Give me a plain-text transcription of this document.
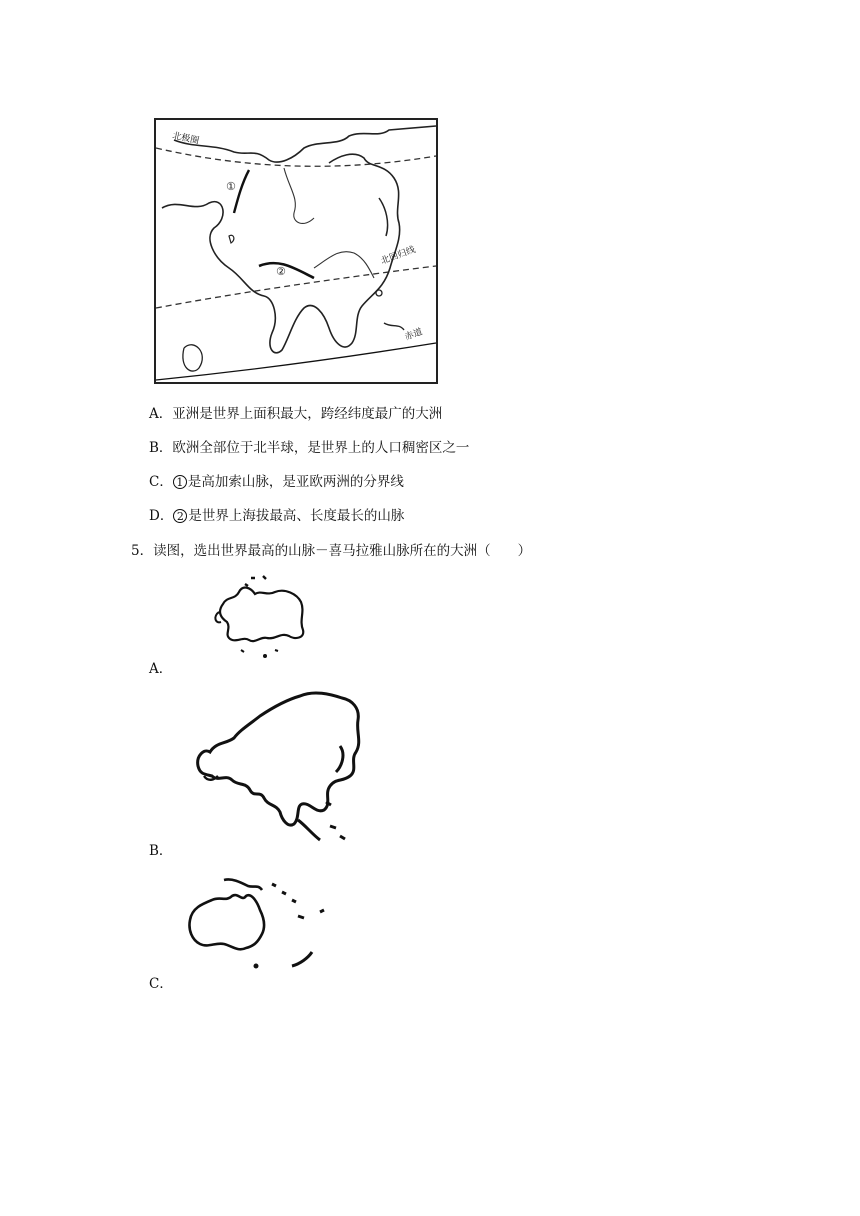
北极圈
北回归线
赤道
①
②
A．亚洲是世界上面积最大，跨经纬度最广的大洲
B．欧洲全部位于北半球，是世界上的人口稠密区之一
C． 1 是高加索山脉，是亚欧两洲的分界线
D． 2 是世界上海拔最高、长度最长的山脉
5．读图，选出世界最高的山脉－喜马拉雅山脉所在的大洲（　　）
A．
B．
C．
